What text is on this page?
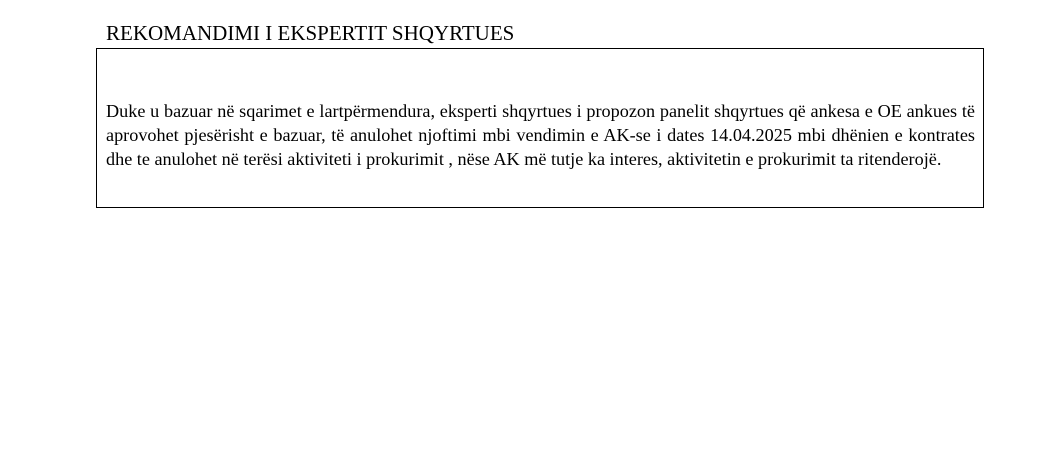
REKOMANDIMI I EKSPERTIT SHQYRTUES

Duke u bazuar në sqarimet e lartpërmendura, eksperti shqyrtues i propozon panelit shqyrtues që ankesa e OE ankues të aprovohet pjesërisht e bazuar, të anulohet njoftimi mbi vendimin e AK-se i dates 14.04.2025 mbi dhënien e kontrates dhe te anulohet në terësi aktiviteti i prokurimit , nëse AK më tutje ka interes, aktivitetin e prokurimit ta ritenderojë.
